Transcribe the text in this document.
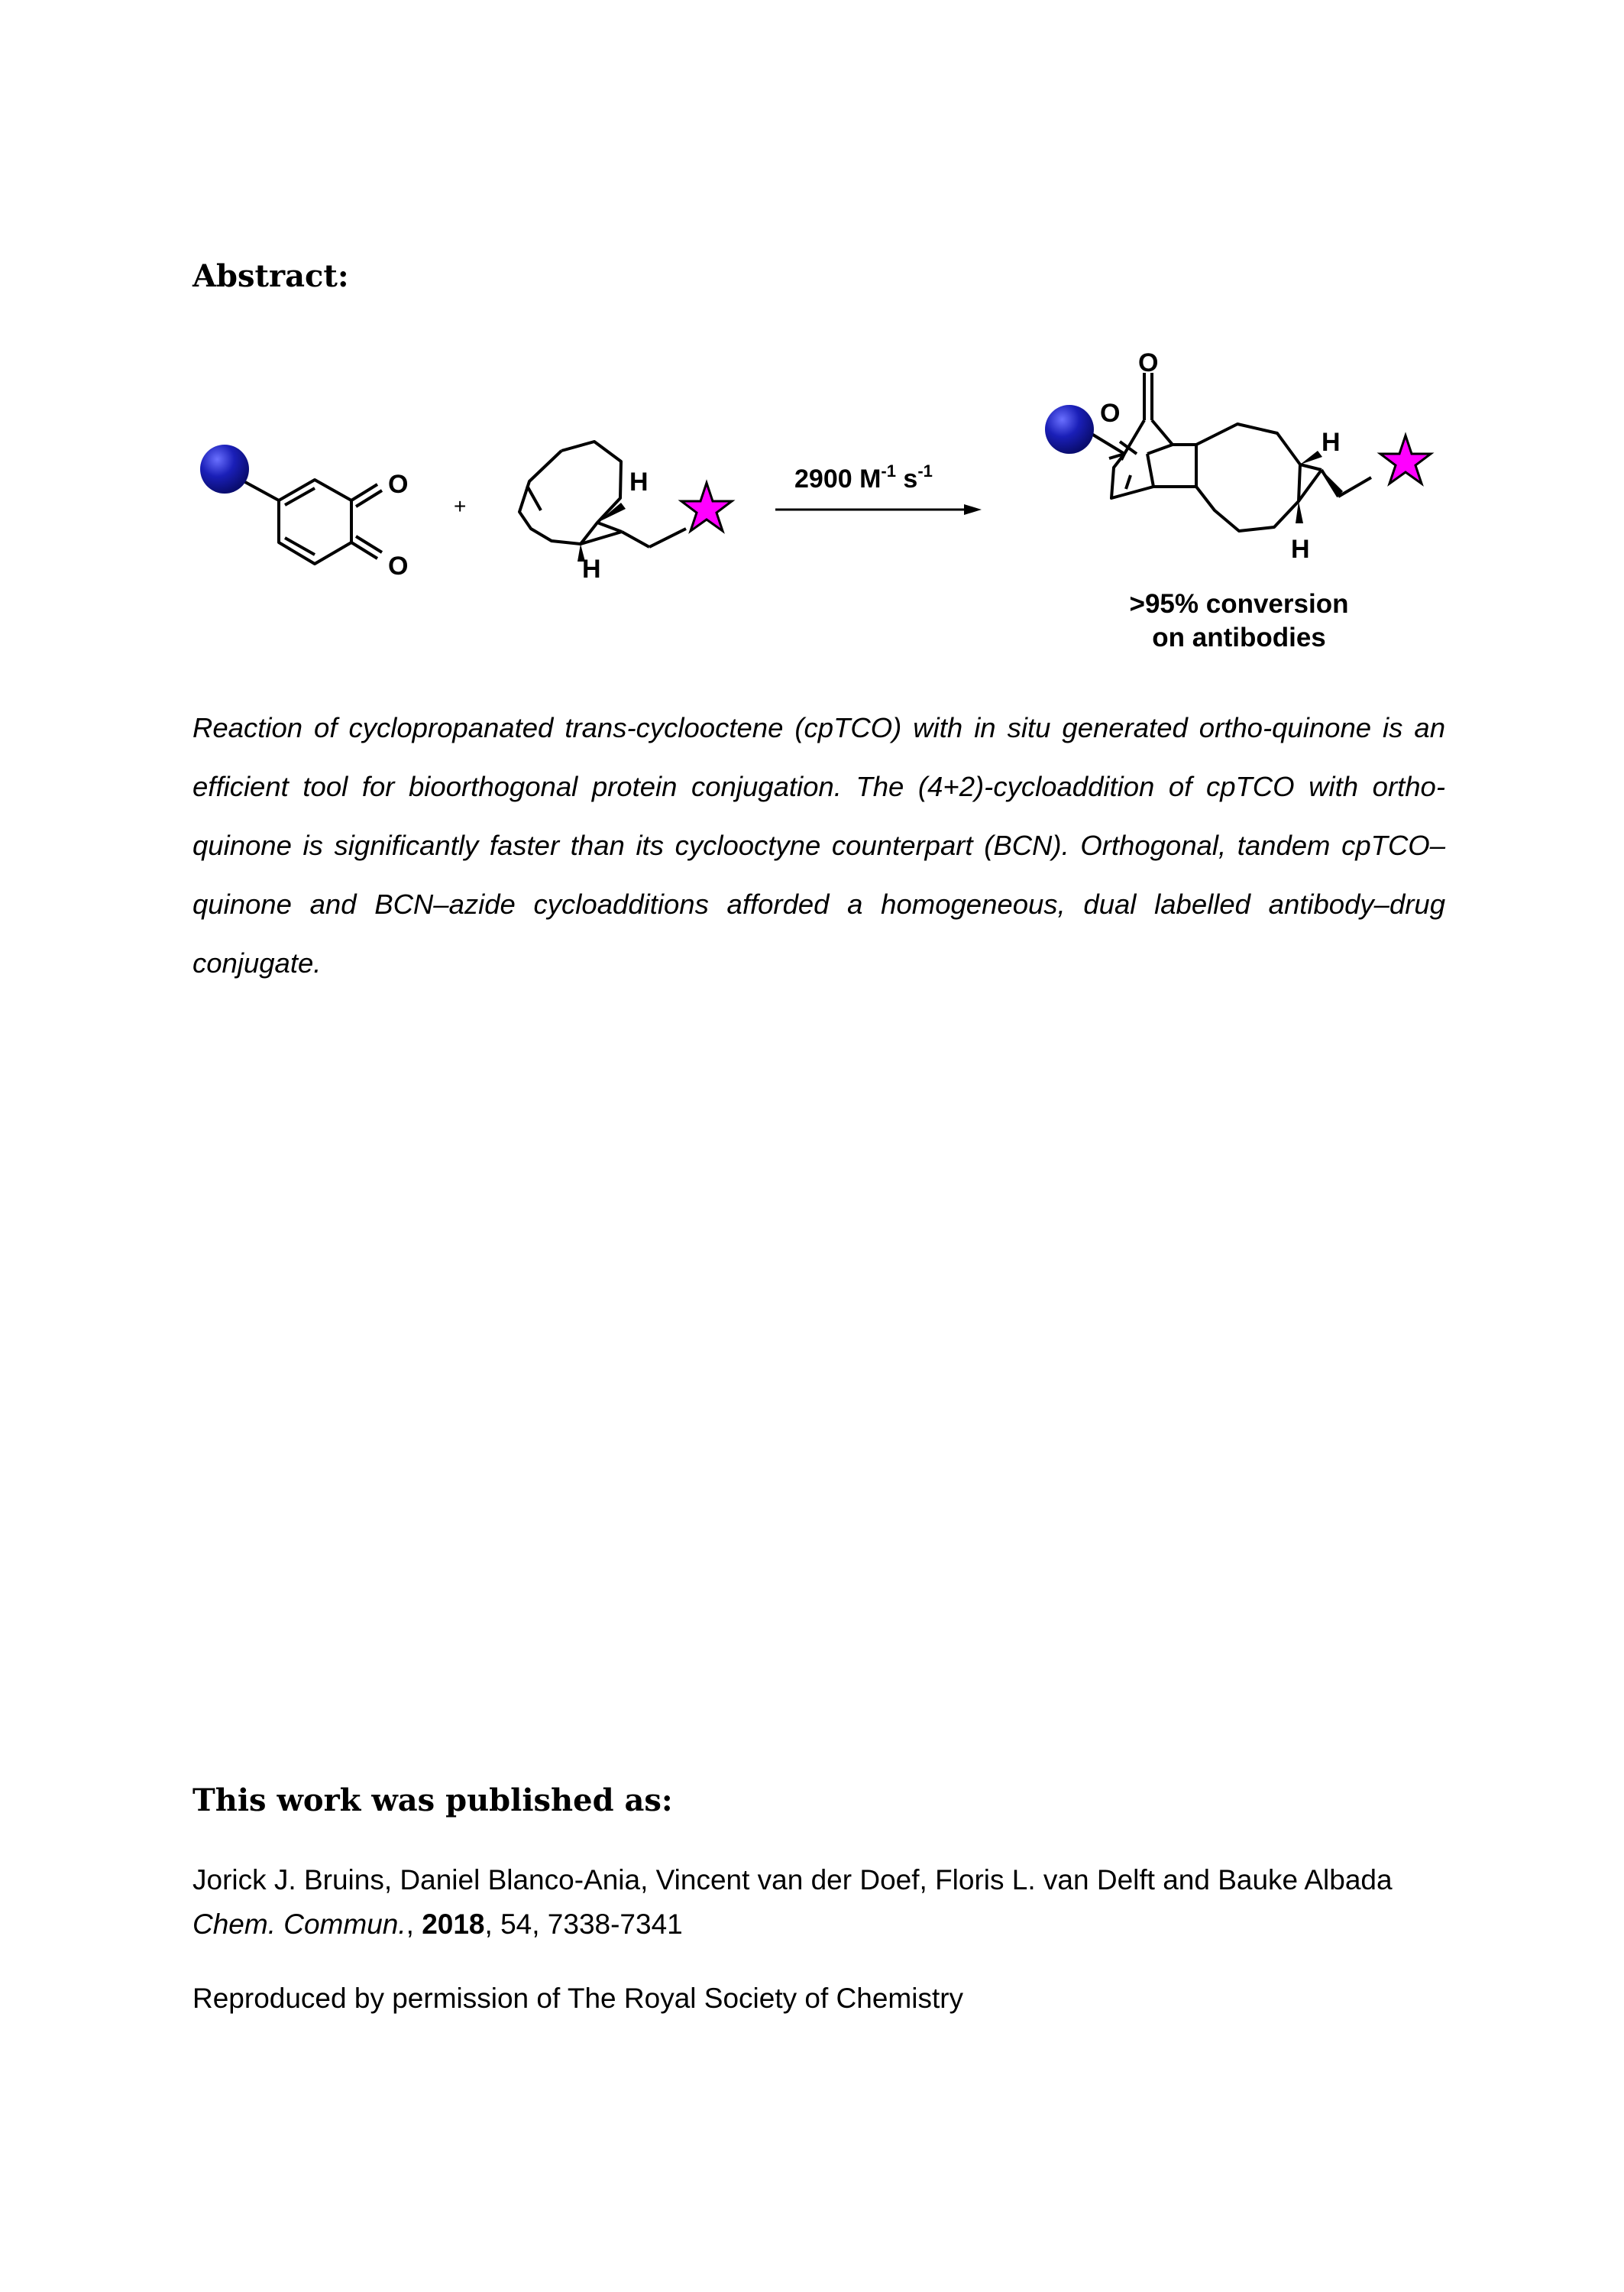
Abstract:
O
O
+
H
H
2900 $M^{-1}$ $s^{-1}$
O
O
H
H
>95% conversion
on antibodies

Reaction of cyclopropanated trans-cyclooctene (cpTCO) with in situ generated ortho-quinone is an efficient tool for bioorthogonal protein conjugation. The (4+2)-cycloaddition of cpTCO with ortho-quinone is significantly faster than its cyclooctyne counterpart (BCN). Orthogonal, tandem cpTCO–quinone and BCN–azide cycloadditions afforded a homogeneous, dual labelled antibody–drug conjugate.

This work was published as:

Jorick J. Bruins, Daniel Blanco-Ania, Vincent van der Doef, Floris L. van Delft and Bauke Albada
Chem. Commun., 2018, 54, 7338-7341

Reproduced by permission of The Royal Society of Chemistry
